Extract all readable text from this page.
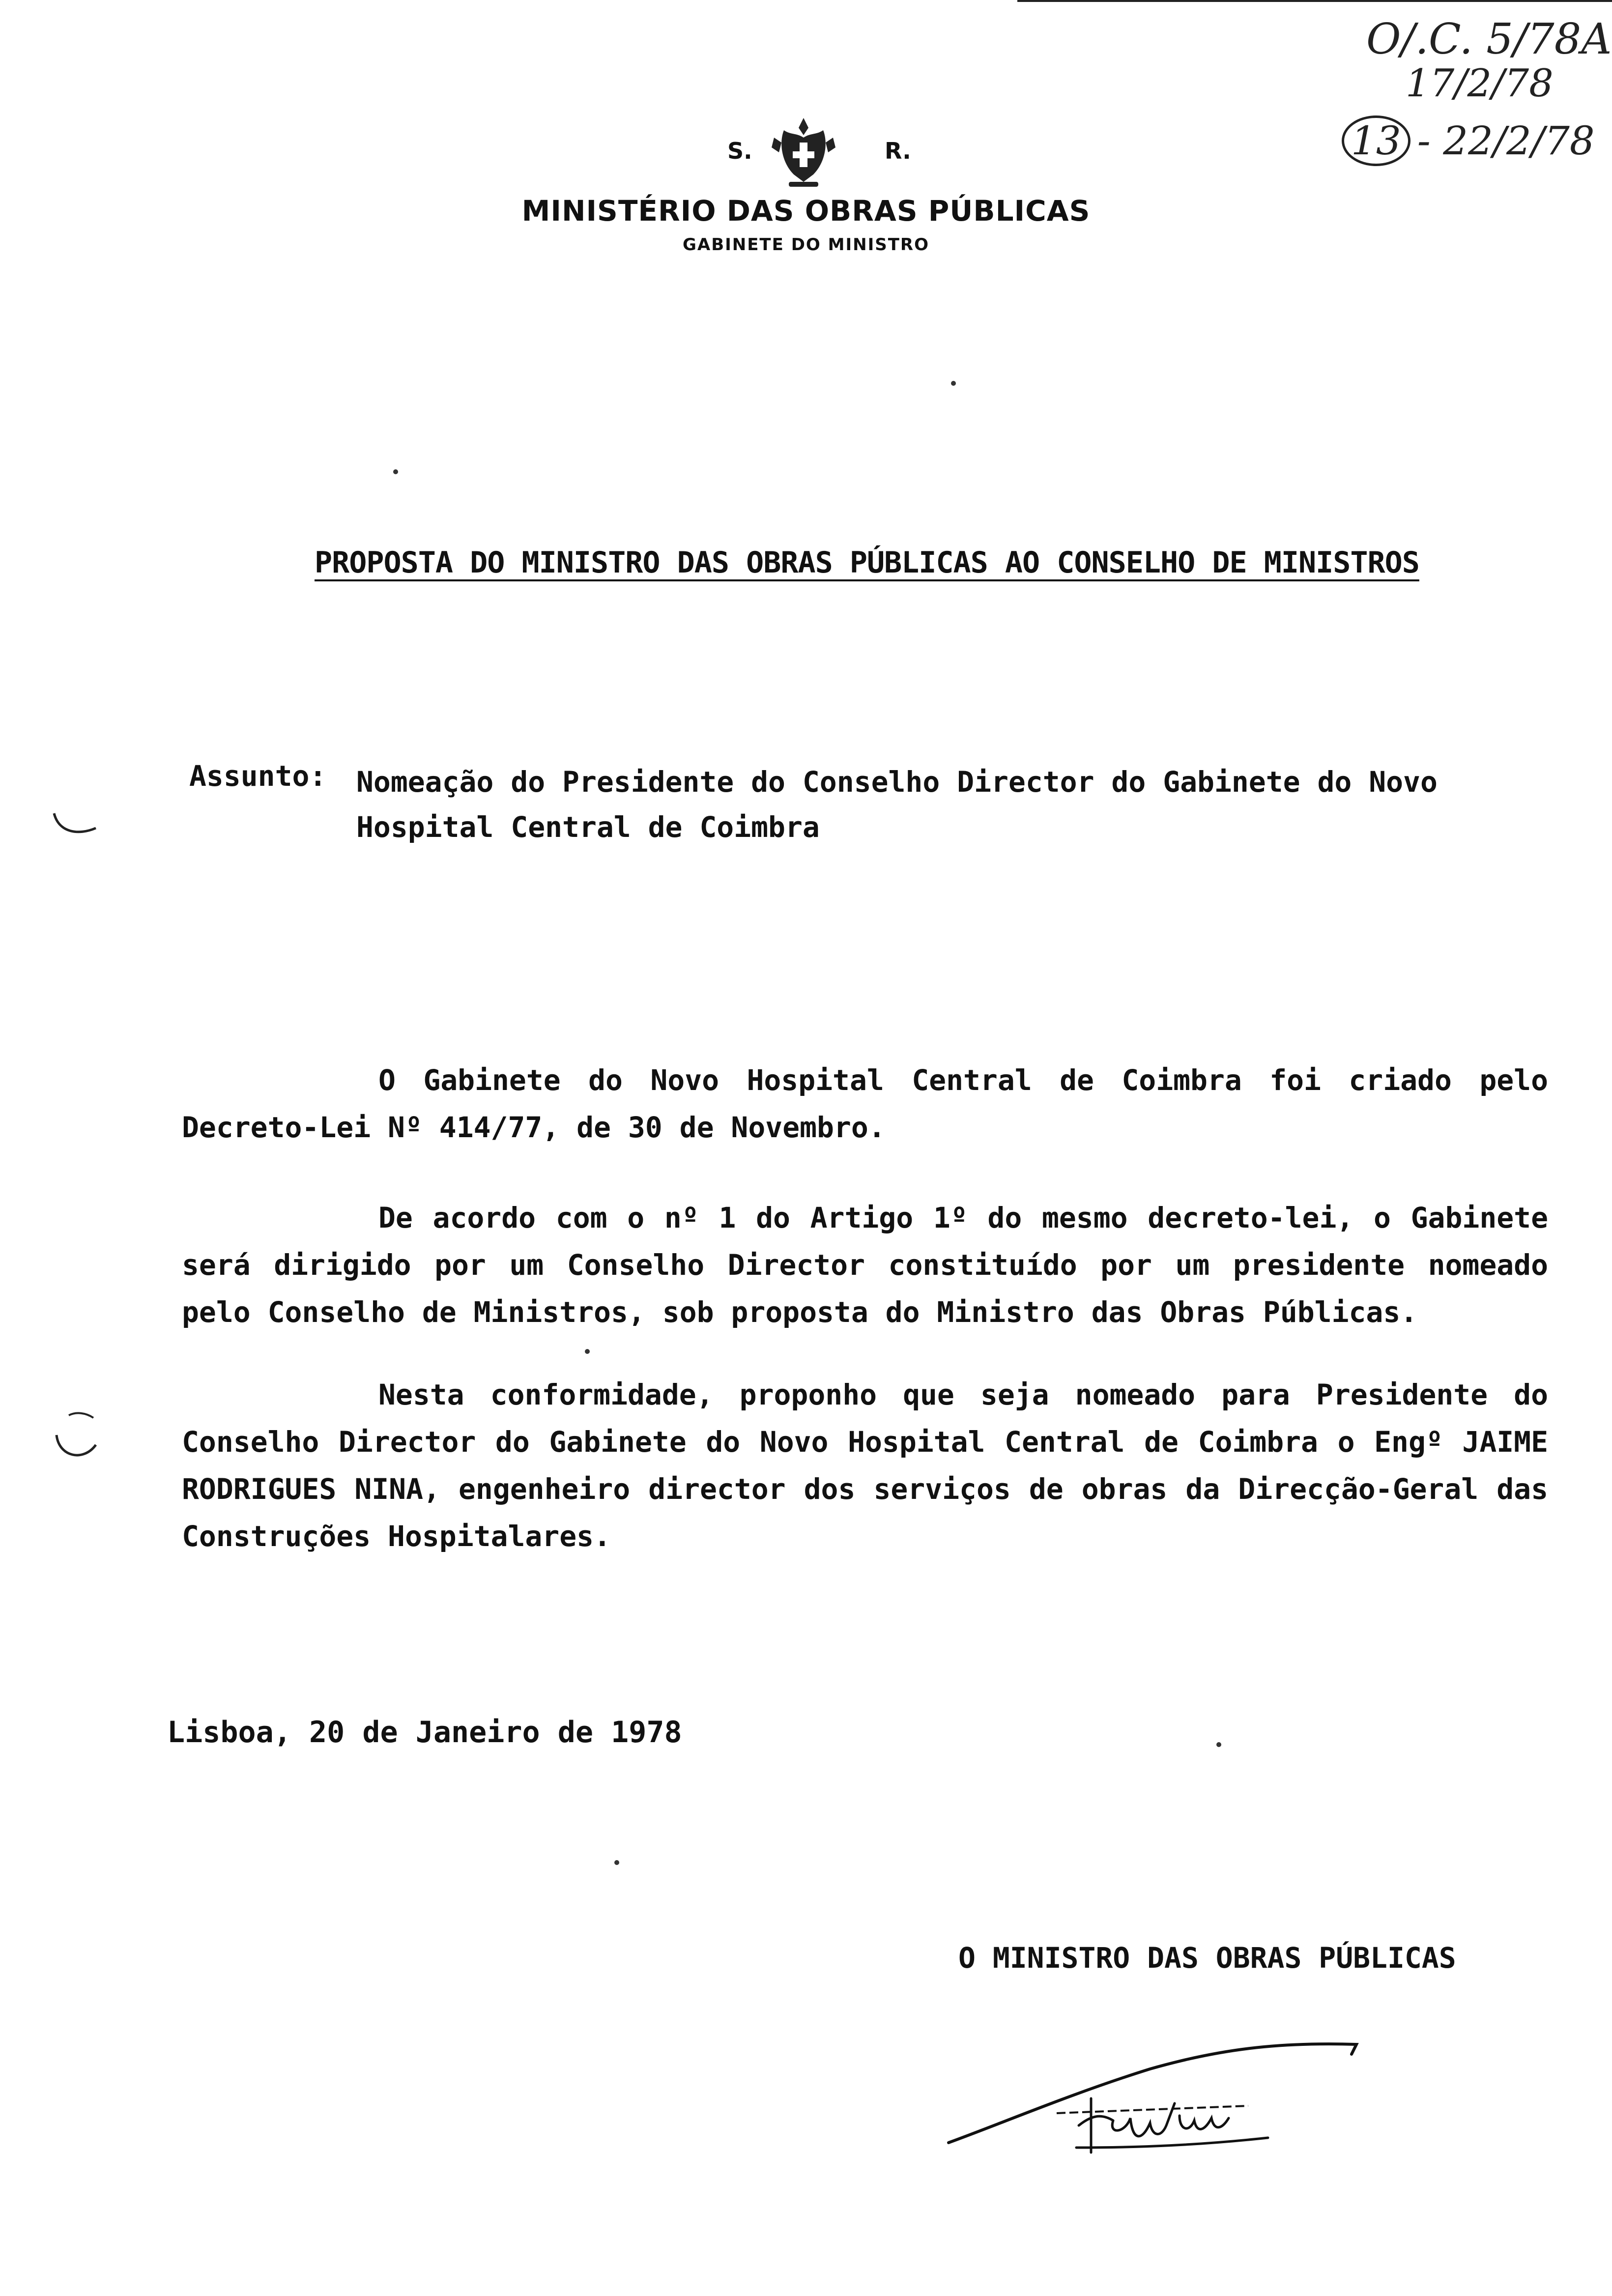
O/.C. 5/78A
17/2/78
13 - 22/2/78
S.	R.
MINISTÉRIO DAS OBRAS PÚBLICAS
GABINETE DO MINISTRO
PROPOSTA DO MINISTRO DAS OBRAS PÚBLICAS AO CONSELHO DE MINISTROS
Assunto: Nomeação do Presidente do Conselho Director do Gabinete do Novo Hospital Central de Coimbra
O Gabinete do Novo Hospital Central de Coimbra foi criado pelo Decreto-Lei Nº 414/77, de 30 de Novembro.
De acordo com o nº 1 do Artigo 1º do mesmo decreto-lei, o Gabinete será dirigido por um Conselho Director constituído por um presidente nomeado pelo Conselho de Ministros, sob proposta do Ministro das Obras Públicas.
Nesta conformidade, proponho que seja nomeado para Presidente do Conselho Director do Gabinete do Novo Hospital Central de Coimbra o Engº JAIME RODRIGUES NINA, engenheiro director dos serviços de obras da Direcção-Geral das Construções Hospitalares.
Lisboa, 20 de Janeiro de 1978
O MINISTRO DAS OBRAS PÚBLICAS
